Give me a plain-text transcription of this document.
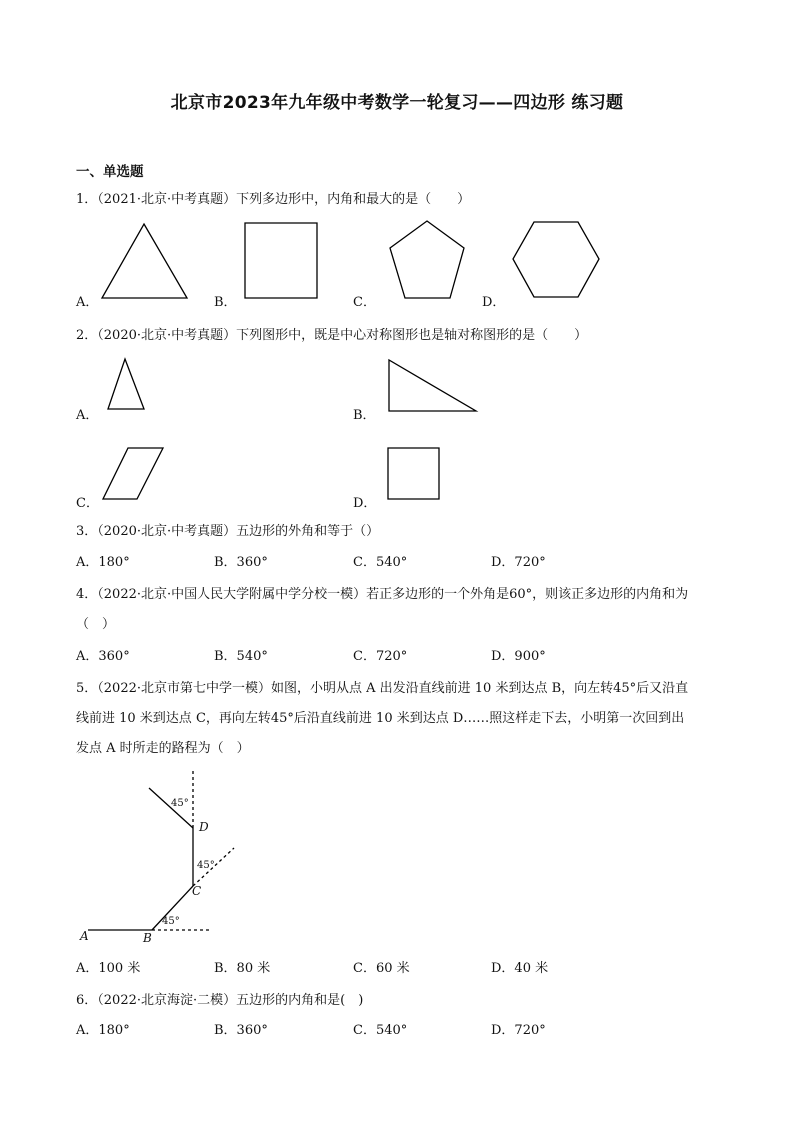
北京市2023年九年级中考数学一轮复习——四边形 练习题
一、单选题
1．（2021·北京·中考真题）下列多边形中，内角和最大的是（　　）
A．	B．	C．	D．
2．（2020·北京·中考真题）下列图形中，既是中心对称图形也是轴对称图形的是（　　）
A．	B．
C．	D．
3．（2020·北京·中考真题）五边形的外角和等于（）
A．180°	B．360°	C．540°	D．720°
4．（2022·北京·中国人民大学附属中学分校一模）若正多边形的一个外角是60°，则该正多边形的内角和为
（　）
A．360°	B．540°	C．720°	D．900°
5．（2022·北京市第七中学一模）如图，小明从点 A 出发沿直线前进 10 米到达点 B，向左转45°后又沿直
线前进 10 米到达点 C，再向左转45°后沿直线前进 10 米到达点 D……照这样走下去，小明第一次回到出
发点 A 时所走的路程为（　）
A	B
C
D
45°
45°
45°
A．100 米	B．80 米	C．60 米	D．40 米
6．（2022·北京海淀·二模）五边形的内角和是(　)
A．180°	B．360°	C．540°	D．720°
